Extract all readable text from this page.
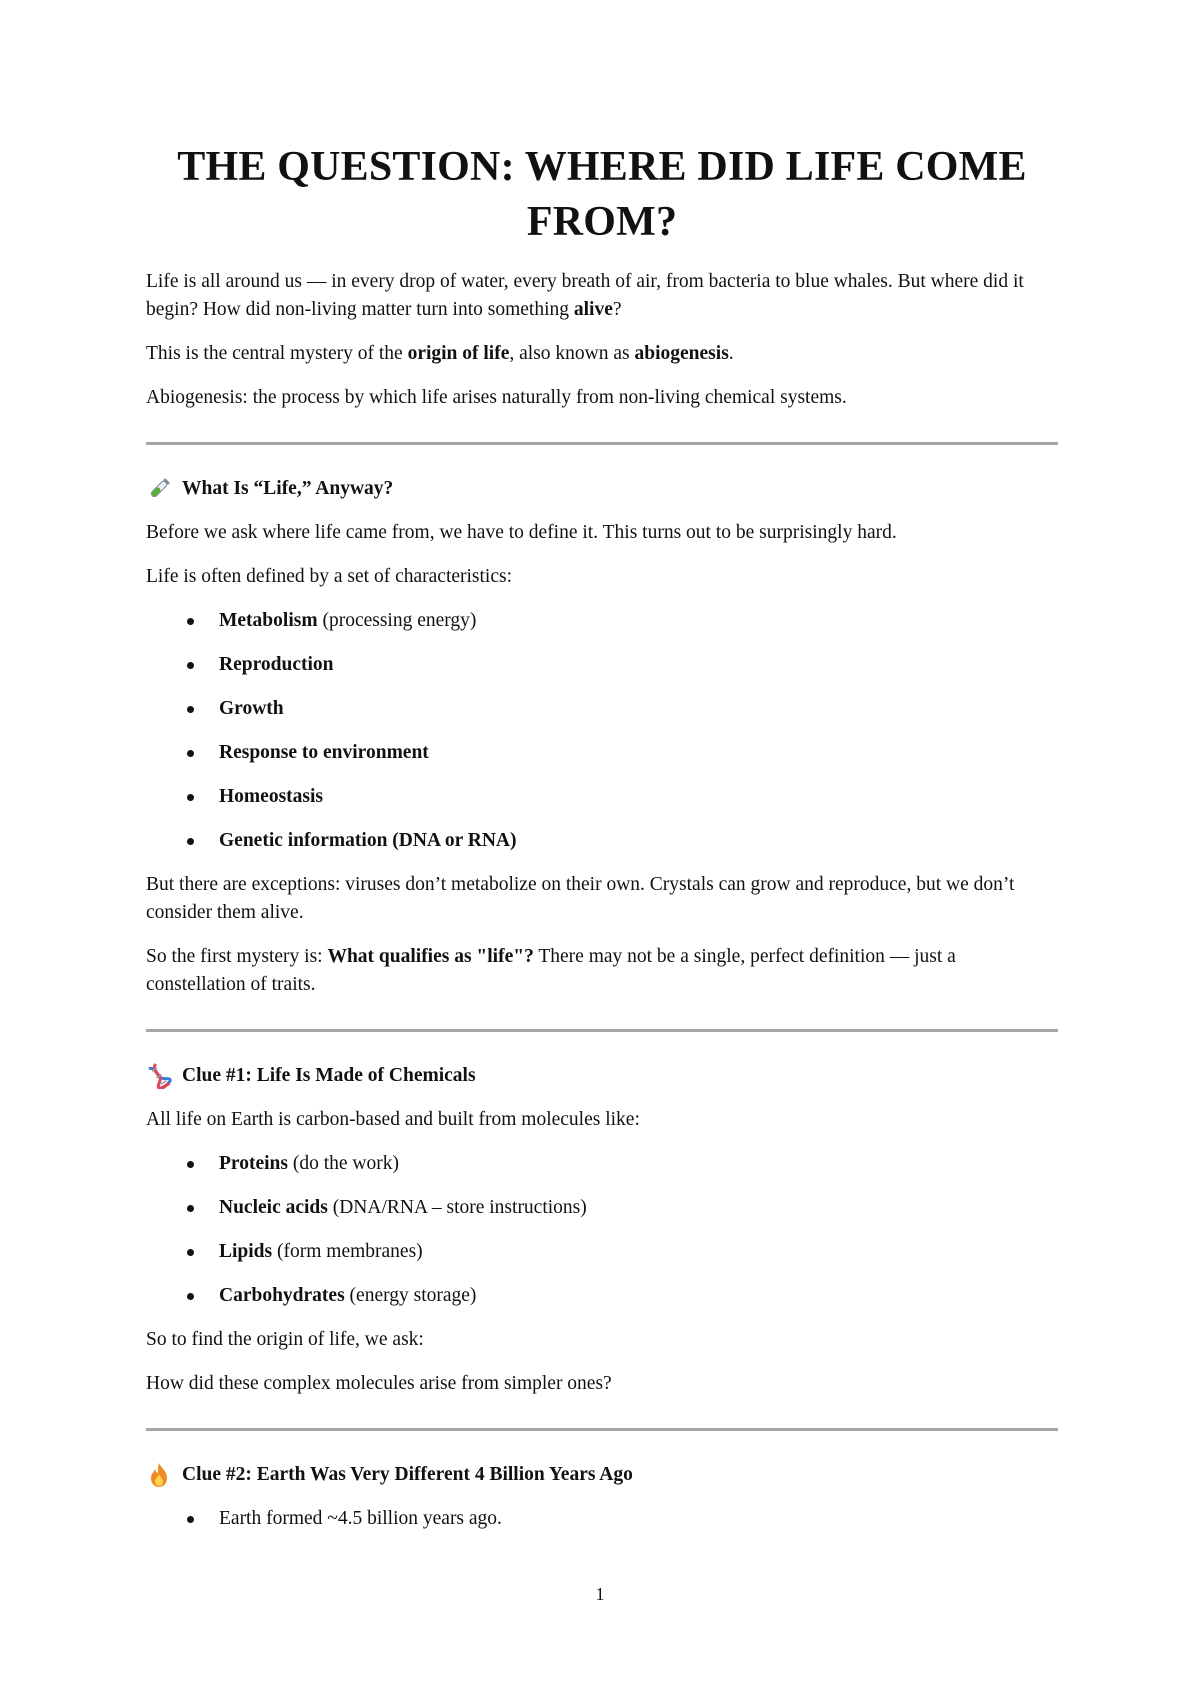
THE QUESTION: WHERE DID LIFE COME FROM?

Life is all around us — in every drop of water, every breath of air, from bacteria to blue whales. But where did it begin? How did non-living matter turn into something alive?

This is the central mystery of the origin of life, also known as abiogenesis.

Abiogenesis: the process by which life arises naturally from non-living chemical systems.

What Is “Life,” Anyway?

Before we ask where life came from, we have to define it. This turns out to be surprisingly hard.

Life is often defined by a set of characteristics:

Metabolism (processing energy)
Reproduction
Growth
Response to environment
Homeostasis
Genetic information (DNA or RNA)

But there are exceptions: viruses don’t metabolize on their own. Crystals can grow and reproduce, but we don’t consider them alive.

So the first mystery is: What qualifies as "life"? There may not be a single, perfect definition — just a constellation of traits.

Clue #1: Life Is Made of Chemicals

All life on Earth is carbon-based and built from molecules like:

Proteins (do the work)
Nucleic acids (DNA/RNA – store instructions)
Lipids (form membranes)
Carbohydrates (energy storage)

So to find the origin of life, we ask:

How did these complex molecules arise from simpler ones?

Clue #2: Earth Was Very Different 4 Billion Years Ago
Earth formed ~4.5 billion years ago.
1
